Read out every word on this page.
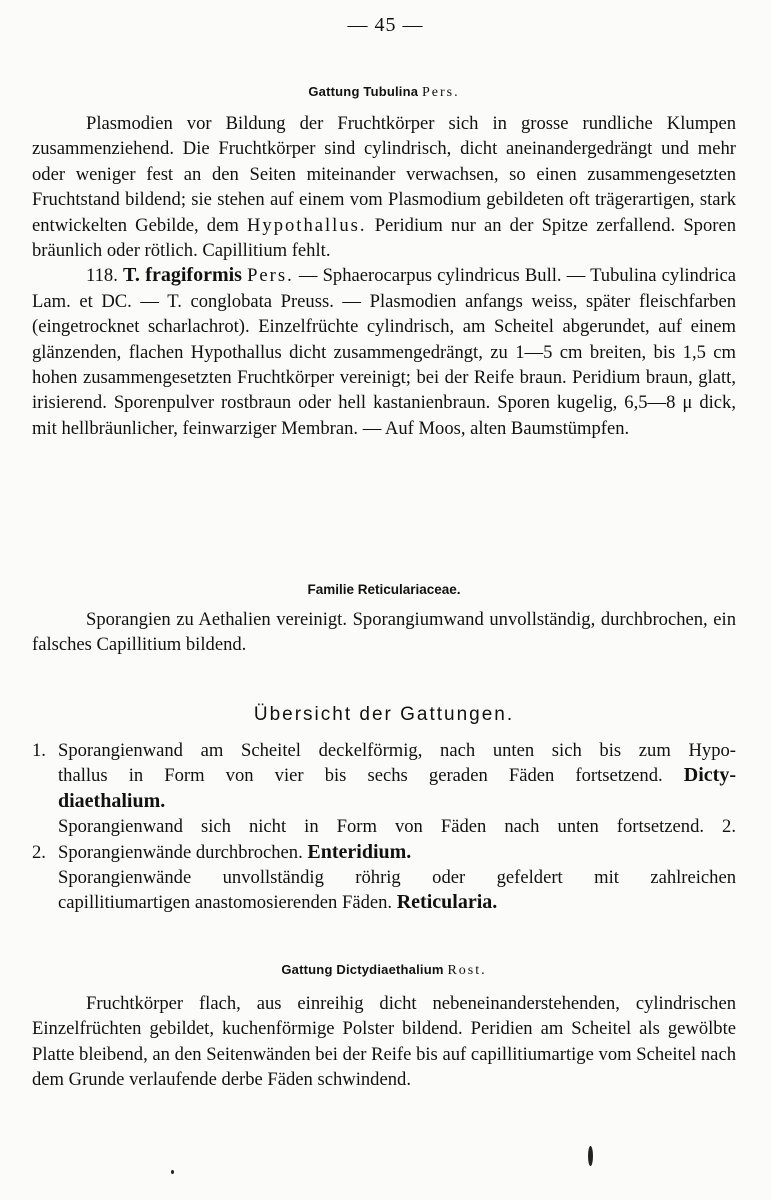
— 45 —
Gattung Tubulina Pers.

Plasmodien vor Bildung der Fruchtkörper sich in grosse rundliche Klumpen zusammenziehend. Die Fruchtkörper sind cylindrisch, dicht aneinandergedrängt und mehr oder weniger fest an den Seiten miteinander verwachsen, so einen zusammengesetzten Fruchtstand bildend; sie stehen auf einem vom Plasmodium gebildeten oft trägerartigen, stark entwickelten Gebilde, dem Hypothallus. Peridium nur an der Spitze zerfallend. Sporen bräunlich oder rötlich. Capillitium fehlt.

118. T. fragiformis Pers. — Sphaerocarpus cylindricus Bull. — Tubulina cylindrica Lam. et DC. — T. conglobata Preuss. — Plasmodien anfangs weiss, später fleischfarben (eingetrocknet scharlachrot). Einzelfrüchte cylindrisch, am Scheitel abgerundet, auf einem glänzenden, flachen Hypothallus dicht zusammengedrängt, zu 1—5 cm breiten, bis 1,5 cm hohen zusammengesetzten Fruchtkörper vereinigt; bei der Reife braun. Peridium braun, glatt, irisierend. Sporenpulver rostbraun oder hell kastanienbraun. Sporen kugelig, 6,5—8 μ dick, mit hellbräunlicher, feinwarziger Membran. — Auf Moos, alten Baumstümpfen.

Familie Reticulariaceae.

Sporangien zu Aethalien vereinigt. Sporangiumwand unvollständig, durchbrochen, ein falsches Capillitium bildend.

Übersicht der Gattungen.
1. Sporangienwand am Scheitel deckelförmig, nach unten sich bis zum Hypo-
thallus in Form von vier bis sechs geraden Fäden fortsetzend. Dicty-
diaethalium.
Sporangienwand sich nicht in Form von Fäden nach unten fortsetzend. 2.
2. Sporangienwände durchbrochen. Enteridium.
Sporangienwände unvollständig röhrig oder gefeldert mit zahlreichen
capillitiumartigen anastomosierenden Fäden. Reticularia.
Gattung Dictydiaethalium Rost.

Fruchtkörper flach, aus einreihig dicht nebeneinanderstehenden, cylindrischen Einzelfrüchten gebildet, kuchenförmige Polster bildend. Peridien am Scheitel als gewölbte Platte bleibend, an den Seitenwänden bei der Reife bis auf capillitiumartige vom Scheitel nach dem Grunde verlaufende derbe Fäden schwindend.
